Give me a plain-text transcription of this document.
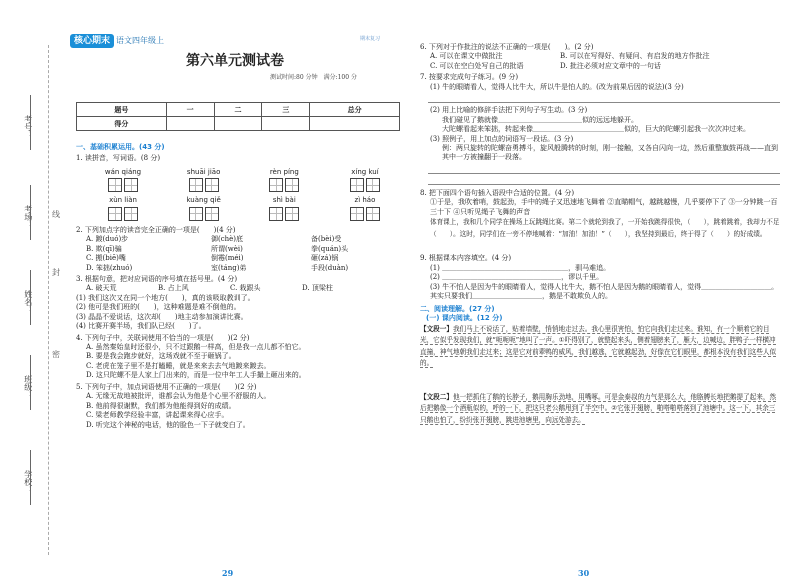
考号：
考场： 线
姓名：
封
班级：
密
学校：
核心期末 语文四年级上	期末复习
第六单元测试卷
测试时间:80 分钟　满分:100 分
题号	一	二	三	总分
得分				
一、基础积累运用。(43 分)
1. 读拼音，写词语。(8 分)
wán qiáng	shuāi jiāo	rèn píng	xíng kuí
xùn liàn	kuàng qiě	shì bài	zì háo
2. 下列加点字的读音完全正确的一项是(　　)(4 分)
A. 踱(duó)步	御(chè)底	备(bèi)受
B. 欺(qī)骗	所谓(wèi)	拳(quán)头
C. 搬(biē)嘴	倒霉(méi)	砸(zá)锅
D. 笨拙(zhuó)	室(táng)弟	手段(duàn)
3. 根据句意，把对应词语的序号填在括号里。(4 分)
A. 破天荒	B. 占上风	C. 栽跟头	D. 顶梁柱
(1) 我们这次又在同一个地方(　　)，真的该吸取教训了。
(2) 他可是我们班的(　　)，这种难题是难不倒他的。
(3) 晶晶不爱说话，这次却(　　)地主动参加演讲比赛。
(4) 比赛开赛半场，我们队已经(　　)了。
4. 下列句子中，关联词使用不恰当的一项是(　　)(2 分)
A. 虽然秦始皇时还很小，只不过跟鹅一样高，但是我一点儿都不怕它。
B. 要是我会跑步就好，这场戏就不至于砸锅了。
C. 老虎在笼子里不是打瞌睡，就是来来去去气地踱来踱去。
D. 这只陀螺不是人家上门出来的，而是一位中年工人手撮上砸出来的。
5. 下列句子中，加点词语使用不正确的一项是(　　)(2 分)
A. 无缘无故地被批评，谁都会认为他是个心里不舒服的人。
B. 他前得很谢默，我们都为他能得到好的成绩。
C. 梁老师教学经验丰富，讲起课来得心应手。
D. 听完这个神秘的电话，他的脸色一下子就变白了。
29
6. 下列对于作批注的说法不正确的一项是(　　)。(2 分)
A. 可以在课文中做批注	B. 可以在写得好、有疑问、有启发的地方作批注
C. 可以在空白处写自己的批语	D. 批注必须对应文章中的一句话
7. 按要求完成句子练习。(9 分)
(1) 牛的眼睛看人，觉得人比牛大，所以牛是怕人的。(改为前果后因的说法)(3 分)
(2) 用上比喻的修辞手法把下列句子写生动。(3 分)
我们碰见了鹅就像＿＿＿＿＿＿＿＿＿＿＿＿似的远远地躲开。
大陀螺看起来笨拙，转起来像＿＿＿＿＿＿＿＿＿＿＿＿＿似的，巨大的陀螺引起我一次次冲过来。
(3) 照例子，用上加点的词语写一段话。(3 分)
例：两只旋转的陀螺奋勇搏斗，旋风般腾转的时刻，刚一接触，又各自闪向一边，然后重整旗鼓再战——直到其中一方被撞翻于一段落。
8. 把下面四个语句插入语段中合适的位置。(4 分)
①于是，我吹着哨，鼓起劲，手中的绳子又迅速地飞舞着 ②直瞄帽气，越跳越慢，几乎要停下了 ③一分钟跳一百三十下 ④只听见绳子飞舞的声音
体育课上，我和几个同学在操场上玩跳绳比赛。第二个就轮到我了，一开始我跳得很快，（　　），跳着跳着，我却力不足（　　）。这时，同学们在一旁不停地喊着：“加油！加油！”（　　），我坚持到最后，终于得了（　　）的好成绩。
9. 根据课本内容填空。(4 分)
(1) ＿＿＿＿＿＿＿＿＿＿＿＿＿＿＿＿＿＿，驯马难追。
(2) ＿＿＿＿＿＿＿＿＿＿＿＿＿＿＿＿＿，谬以千里。
(3) 牛不怕人是因为牛的眼睛看人，觉得人比牛大，鹅不怕人是因为鹅的眼睛看人，觉得＿＿＿＿＿＿＿＿＿＿。其实只要我们＿＿＿＿＿＿＿＿＿＿，鹅是不敢欺负人的。
二、阅读理解。(27 分)
(一) 课内阅读。(12 分)
【文段一】我们马上不说话了，贴着墙壁，悄悄地走过去。我心里很害怕，怕它向我们走过来。谁知，有一个顺着它的目光，它似乎发现我们，就“呃呃呃”地叫了一声。①吓得别了，就整起来头，侧着翅膀来了，雁大，边喊边，胖鸭子一样横冲直撞，神气地朝我们走过来；这是它对前辈鸭的威风，我们越逃，它就越起劲，好像在它们眼里，都根本没有我们这些人似的。
【文段二】他一把抓住了鹅的长脖子，鹅用胸乐劲地，用嘴啄。可是金泰叔的力气是那么大，他胳膊长地把鹅提了起来，然后把鹅像一个酒瓶似的，呼的一下，把这只老公鹅甩到了半空中。②它张开翅膀，啪嗒啪嗒落到了池塘中。这一下，其余三只鹅也怕了，纷纷张开翅膀，跳进池塘里，向远处游去。
30
